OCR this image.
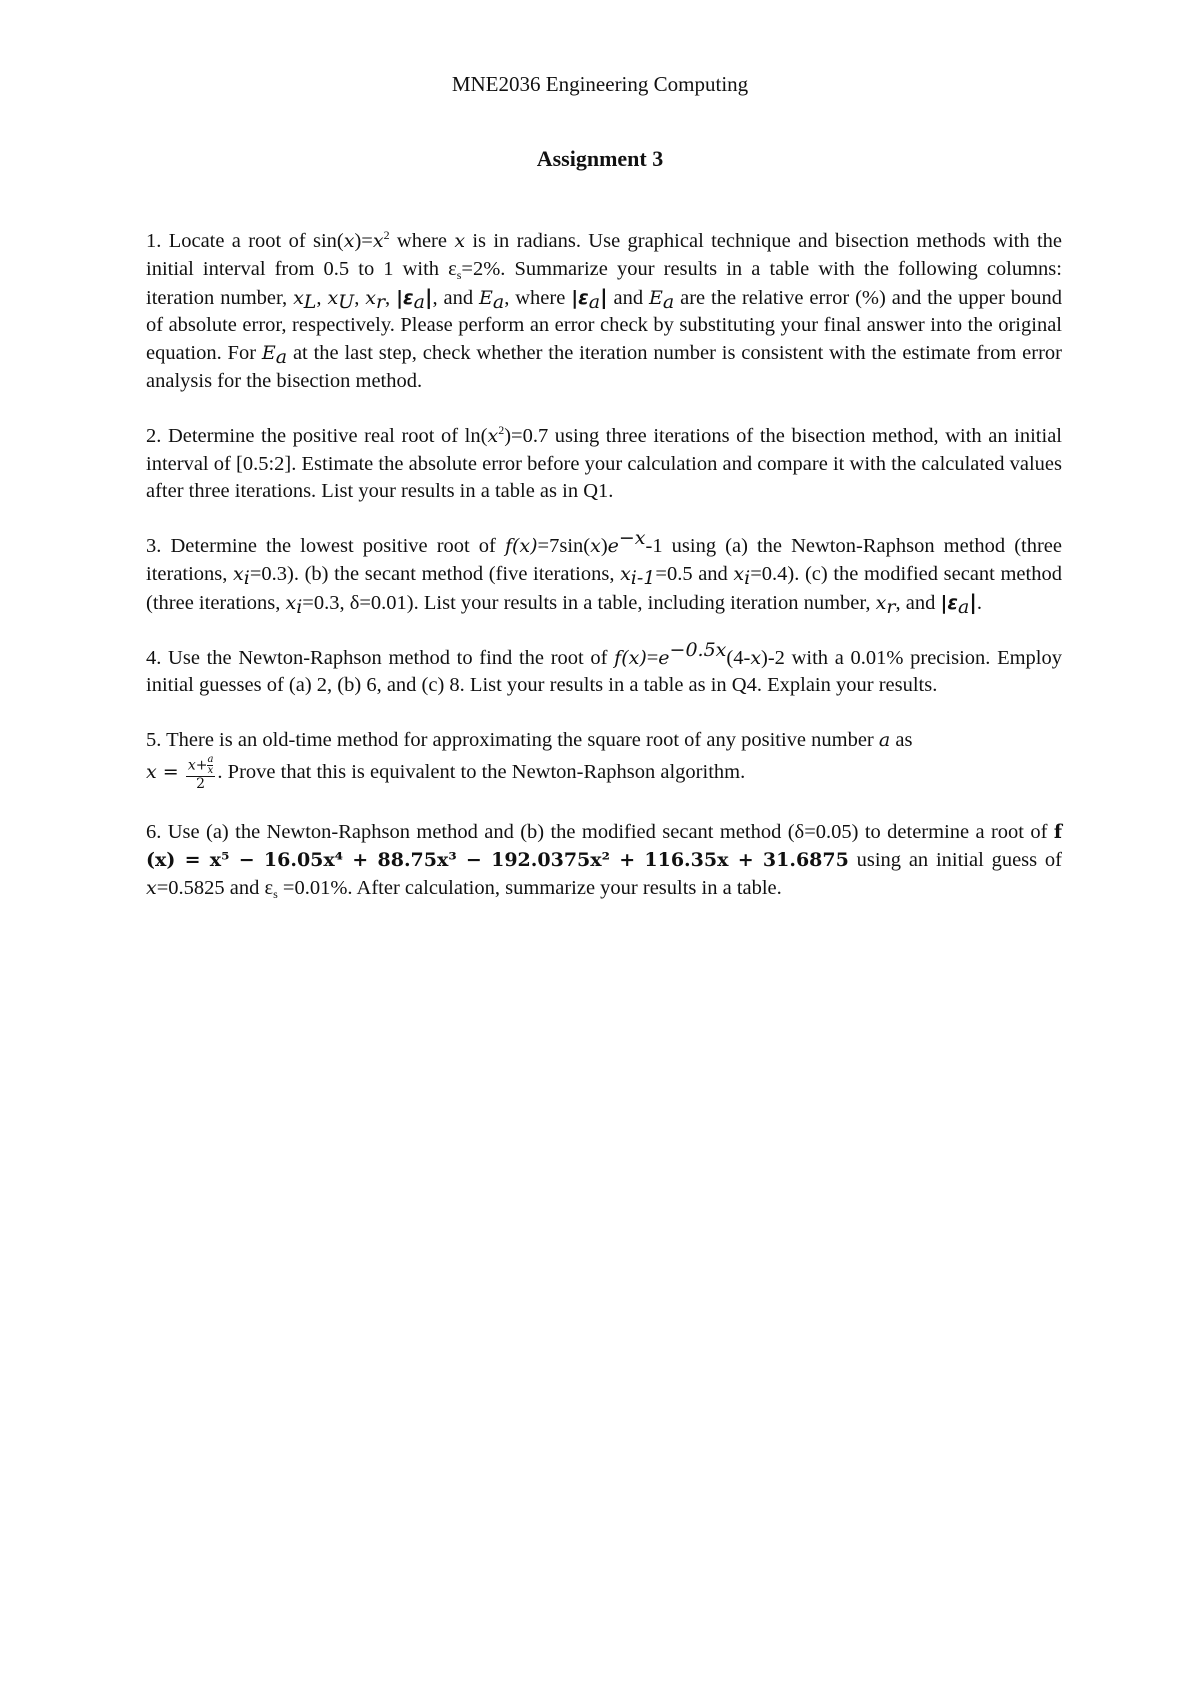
MNE2036 Engineering Computing
Assignment 3

1. Locate a root of $\sin(x)=x^2$ where x is in radians. Use graphical technique and bisection methods with the initial interval from 0.5 to 1 with $\varepsilon_s=2\%$. Summarize your results in a table with the following columns: iteration number, $x_L$, $x_U$, $x_r$, $|\varepsilon_a|$, and $E_a$, where $|\varepsilon_a|$ and $E_a$ are the relative error (%) and the upper bound of absolute error, respectively. Please perform an error check by substituting your final answer into the original equation. For $E_a$ at the last step, check whether the iteration number is consistent with the estimate from error analysis for the bisection method.

2. Determine the positive real root of $\ln(x^2)=0.7$ using three iterations of the bisection method, with an initial interval of [0.5:2]. Estimate the absolute error before your calculation and compare it with the calculated values after three iterations. List your results in a table as in Q1.

3. Determine the lowest positive root of $f(x)=7\sin(x)e^{-x}-1$ using (a) the Newton-Raphson method (three iterations, $x_i=0.3$). (b) the secant method (five iterations, $x_{i-1}=0.5$ and $x_i=0.4$). (c) the modified secant method (three iterations, $x_i=0.3$, δ=0.01). List your results in a table, including iteration number, $x_r$, and $|\varepsilon_a|$.

4. Use the Newton-Raphson method to find the root of $f(x)=e^{-0.5x}(4-x)-2$ with a 0.01% precision. Employ initial guesses of (a) 2, (b) 6, and (c) 8. List your results in a table as in Q4. Explain your results.

5. There is an old-time method for approximating the square root of any positive number a as
$x = \frac{x+ \frac{a}{x}}{2}$ . Prove that this is equivalent to the Newton-Raphson algorithm.

6. Use (a) the Newton-Raphson method and (b) the modified secant method (δ=0.05) to determine a root of f (x) = x⁵ − 16.05x⁴ + 88.75x³ − 192.0375x² + 116.35x + 31.6875 using an initial guess of x=0.5825 and $\varepsilon_s =0.01\%$. After calculation, summarize your results in a table.
